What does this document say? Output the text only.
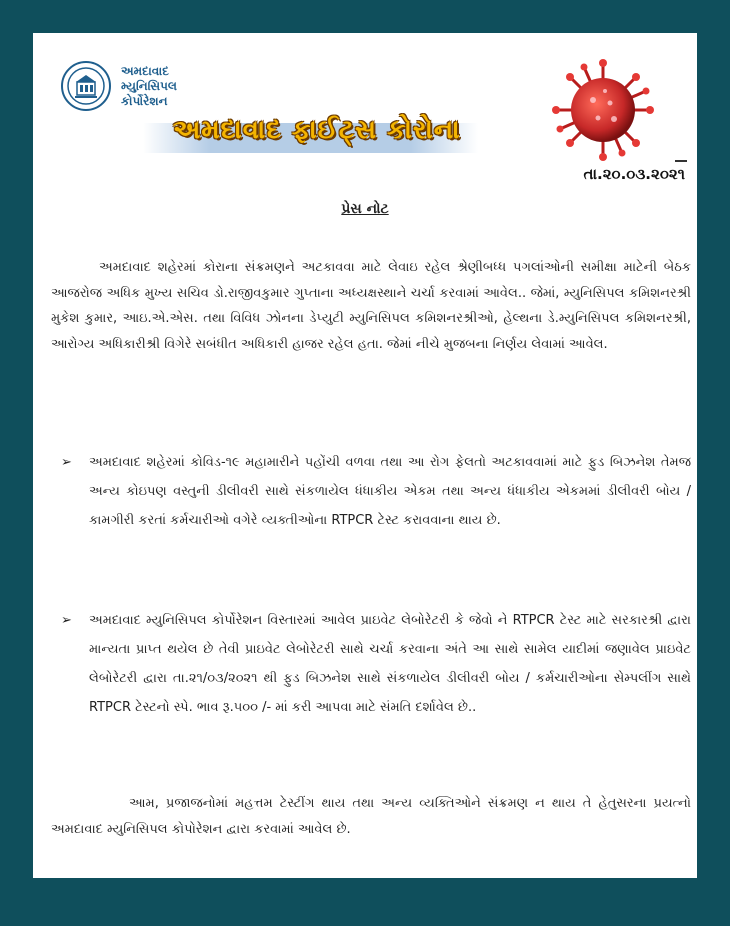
અમદાવાદ
મ્યુનિસિપલ
કોર્પોરેશન
અમદાવાદ ફાઈટ્સ કોરોના
તા.૨૦.૦૩.૨૦૨૧
પ્રેસ નોટ
અમદાવાદ શહેરમાં કોરાના સંક્રમણને અટકાવવા માટે લેવાઇ રહેલ શ્રેણીબધ્ધ પગલાંઓની સમીક્ષા માટેની બેઠક આજરોજ અધિક મુખ્ય સચિવ ડો.રાજીવકુમાર ગુપ્તાના અધ્યક્ષસ્થાને ચર્ચા કરવામાં આવેલ.. જેમાં, મ્યુનિસિપલ કમિશનરશ્રી મુકેશ કુમાર, આઇ.એ.એસ. તથા વિવિધ ઝોનના ડેપ્યુટી મ્યુનિસિપલ કમિશનરશ્રીઓ, હેલ્થના ડે.મ્યુનિસિપલ કમિશનરશ્રી, આરોગ્ય અધિકારીશ્રી વિગેરે સબંધીત અધિકારી હાજર રહેલ હતા. જેમાં નીચે મુજબના નિર્ણય લેવામાં આવેલ.
➢ અમદાવાદ શહેરમાં કોવિડ-૧૯ મહામારીને પહોંચી વળવા તથા આ રોગ ફેલતો અટકાવવામાં માટે ફુડ બિઝનેશ તેમજ અન્ય કોઇપણ વસ્તુની ડીલીવરી સાથે સંકળાયેલ ધંધાકીય એકમ તથા અન્ય ધંધાકીય એકમમાં ડીલીવરી બોય / કામગીરી કરતાં કર્મચારીઓ વગેરે વ્યક્તીઓના RTPCR ટેસ્ટ કરાવવાના થાય છે.
➢ અમદાવાદ મ્યુનિસિપલ કોર્પોરેશન વિસ્તારમાં આવેલ પ્રાઇવેટ લેબોરેટરી કે જેવો ને RTPCR ટેસ્ટ માટે સરકારશ્રી દ્વારા માન્યતા પ્રાપ્ત થયેલ છે તેવી પ્રાઇવેટ લેબોરેટરી સાથે ચર્ચા કરવાના અંતે આ સાથે સામેલ યાદીમાં જણાવેલ પ્રાઇવેટ લેબોરેટરી દ્વારા તા.૨૧/૦૩/૨૦૨૧ થી ફુડ બિઝનેશ સાથે સંકળાયેલ ડીલીવરી બોય / કર્મચારીઓના સેમ્પલીંગ સાથે RTPCR ટેસ્ટનો સ્પે. ભાવ રૂ.૫૦૦ /- માં કરી આપવા માટે સંમતિ દર્શાવેલ છે..
આમ, પ્રજાજનોમાં મહત્તમ ટેસ્ટીંગ થાય તથા અન્ય વ્યક્તિઓને સંક્રમણ ન થાય તે હેતુસરના પ્રયત્નો અમદાવાદ મ્યુનિસિપલ કોપોરેશન દ્વારા કરવામાં આવેલ છે.
